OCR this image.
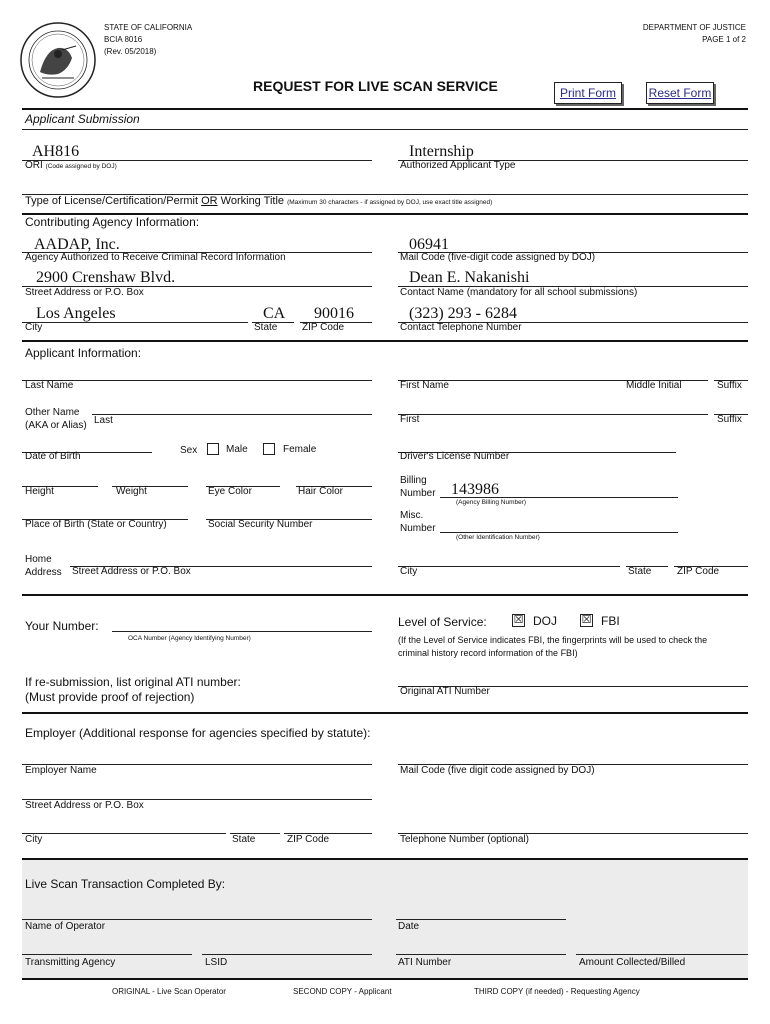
STATE OF CALIFORNIA
BCIA 8016
(Rev. 05/2018)
DEPARTMENT OF JUSTICE
PAGE 1 of 2
REQUEST FOR LIVE SCAN SERVICE	Print Form	Reset Form
Applicant Submission
AH816
ORI (Code assigned by DOJ)
Internship
Authorized Applicant Type
Type of License/Certification/Permit OR Working Title (Maximum 30 characters - if assigned by DOJ, use exact title assigned)
Contributing Agency Information:
AADAP, Inc.
Agency Authorized to Receive Criminal Record Information
06941
Mail Code (five-digit code assigned by DOJ)
2900 Crenshaw Blvd.
Street Address or P.O. Box
Dean E. Nakanishi
Contact Name (mandatory for all school submissions)
Los Angeles
City
CA
State
90016
ZIP Code
(323) 293 - 6284
Contact Telephone Number
Applicant Information:
Last Name	First Name	Middle Initial	Suffix
Other Name
(AKA or Alias) Last	First	Suffix
Date of Birth
Sex	Male	Female
Driver's License Number
Height	Weight	Eye Color	Hair Color
Billing
Number 143986
(Agency Billing Number)
Place of Birth (State or Country)	Social Security Number
Misc.
Number
(Other Identification Number)
Home
Address Street Address or P.O. Box	City	State	ZIP Code
Your Number:
OCA Number (Agency Identifying Number)
Level of Service: ☒ DOJ ☒ FBI
(If the Level of Service indicates FBI, the fingerprints will be used to check the
criminal history record information of the FBI)
If re-submission, list original ATI number:
(Must provide proof of rejection)	Original ATI Number
Employer (Additional response for agencies specified by statute):
Employer Name	Mail Code (five digit code assigned by DOJ)
Street Address or P.O. Box
City	State	ZIP Code	Telephone Number (optional)
Live Scan Transaction Completed By:
Name of Operator	Date
Transmitting Agency	LSID	ATI Number	Amount Collected/Billed
ORIGINAL - Live Scan Operator	SECOND COPY - Applicant	THIRD COPY (if needed) - Requesting Agency
